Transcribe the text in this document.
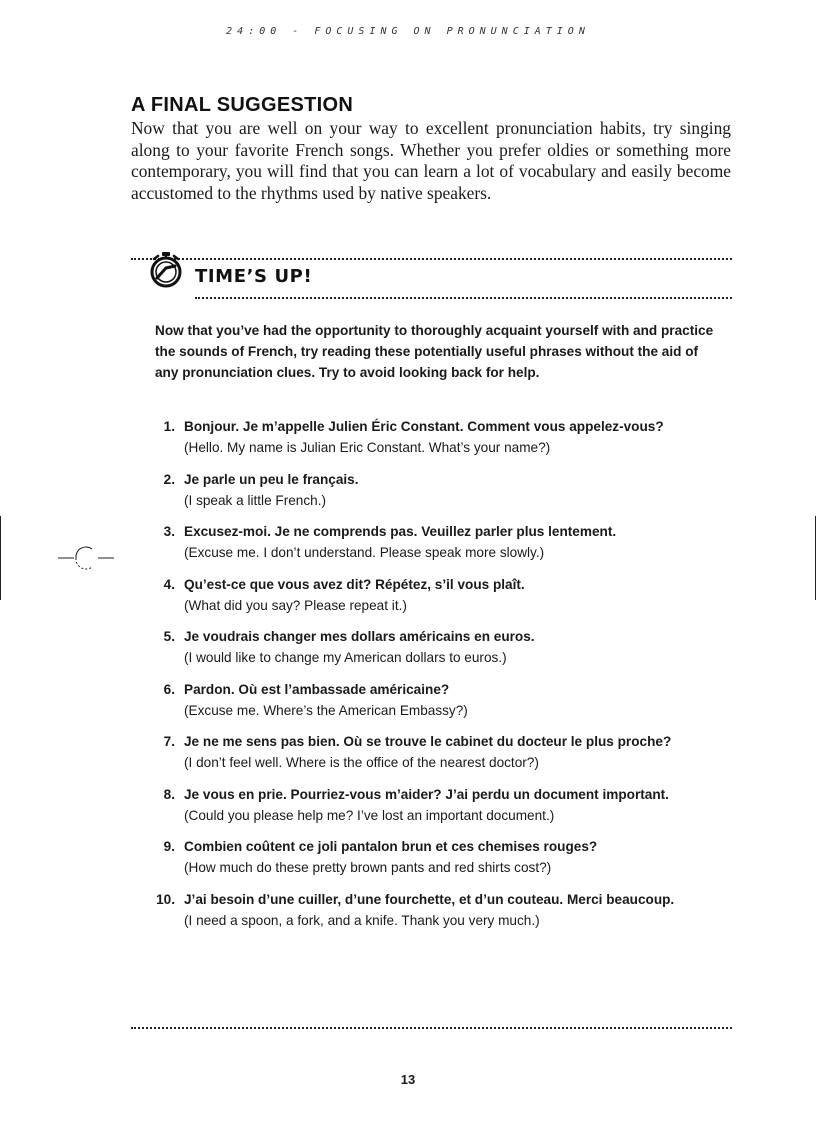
24:00 - FOCUSING ON PRONUNCIATION
A FINAL SUGGESTION

Now that you are well on your way to excellent pronunciation habits, try singing along to your favorite French songs. Whether you prefer oldies or something more contemporary, you will find that you can learn a lot of vocabulary and easily become accustomed to the rhythms used by native speakers.

TIME’S UP!

Now that you’ve had the opportunity to thoroughly acquaint yourself with and practice the sounds of French, try reading these potentially useful phrases without the aid of any pronunciation clues. Try to avoid looking back for help.

1. Bonjour. Je m’appelle Julien Éric Constant. Comment vous appelez-vous?
(Hello. My name is Julian Eric Constant. What’s your name?)
2. Je parle un peu le français.
(I speak a little French.)
3. Excusez-moi. Je ne comprends pas. Veuillez parler plus lentement.
(Excuse me. I don’t understand. Please speak more slowly.)
4. Qu’est-ce que vous avez dit? Répétez, s’il vous plaît.
(What did you say? Please repeat it.)
5. Je voudrais changer mes dollars américains en euros.
(I would like to change my American dollars to euros.)
6. Pardon. Où est l’ambassade américaine?
(Excuse me. Where’s the American Embassy?)
7. Je ne me sens pas bien. Où se trouve le cabinet du docteur le plus proche?
(I don’t feel well. Where is the office of the nearest doctor?)
8. Je vous en prie. Pourriez-vous m’aider? J’ai perdu un document important.
(Could you please help me? I’ve lost an important document.)
9. Combien coûtent ce joli pantalon brun et ces chemises rouges?
(How much do these pretty brown pants and red shirts cost?)
10. J’ai besoin d’une cuiller, d’une fourchette, et d’un couteau. Merci beaucoup.
(I need a spoon, a fork, and a knife. Thank you very much.)
13
